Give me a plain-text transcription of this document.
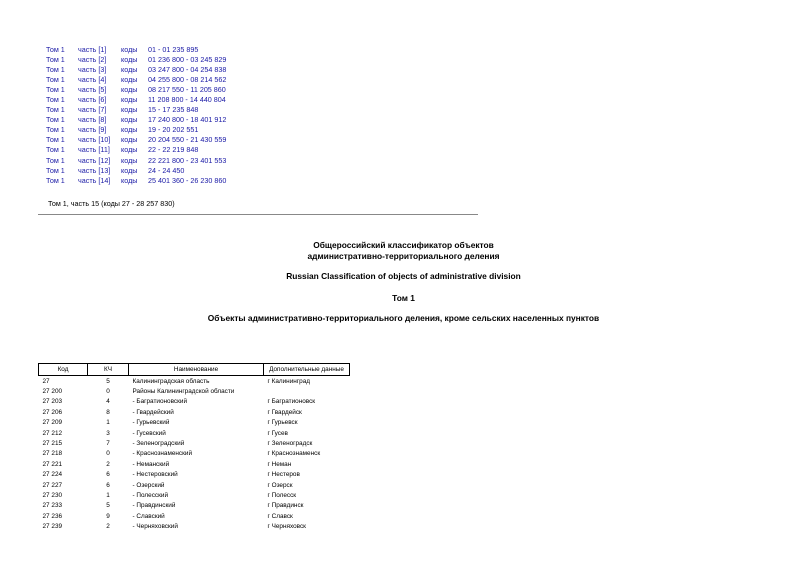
Том 1	часть [1]	коды	01 - 01 235 895
Том 1	часть [2]	коды	01 236 800 - 03 245 829
Том 1	часть [3]	коды	03 247 800 - 04 254 838
Том 1	часть [4]	коды	04 255 800 - 08 214 562
Том 1	часть [5]	коды	08 217 550 - 11 205 860
Том 1	часть [6]	коды	11 208 800 - 14 440 804
Том 1	часть [7]	коды	15 - 17 235 848
Том 1	часть [8]	коды	17 240 800 - 18 401 912
Том 1	часть [9]	коды	19 - 20 202 551
Том 1	часть [10]	коды	20 204 550 - 21 430 559
Том 1	часть [11]	коды	22 - 22 219 848
Том 1	часть [12]	коды	22 221 800 - 23 401 553
Том 1	часть [13]	коды	24 - 24 450
Том 1	часть [14]	коды	25 401 360 - 26 230 860
Том 1, часть 15 (коды 27 - 28 257 830)
Общероссийский классификатор объектов
административно-территориального деления
Russian Classification of objects of administrative division
Том 1
Объекты административно-территориального деления, кроме сельских населенных пунктов
Код	КЧ	Наименование	Дополнительные данные
27	5	Калининградская область	г Калининград
27 200	0	Районы Калининградской области	
27 203	4	- Багратионовский	г Багратионовск
27 206	8	- Гвардейский	г Гвардейск
27 209	1	- Гурьевский	г Гурьевск
27 212	3	- Гусевский	г Гусев
27 215	7	- Зеленоградский	г Зеленоградск
27 218	0	- Краснознаменский	г Краснознаменск
27 221	2	- Неманский	г Неман
27 224	6	- Нестеровский	г Нестеров
27 227	6	- Озерский	г Озерск
27 230	1	- Полесский	г Полесск
27 233	5	- Правдинский	г Правдинск
27 236	9	- Славский	г Славск
27 239	2	- Черняховский	г Черняховск
